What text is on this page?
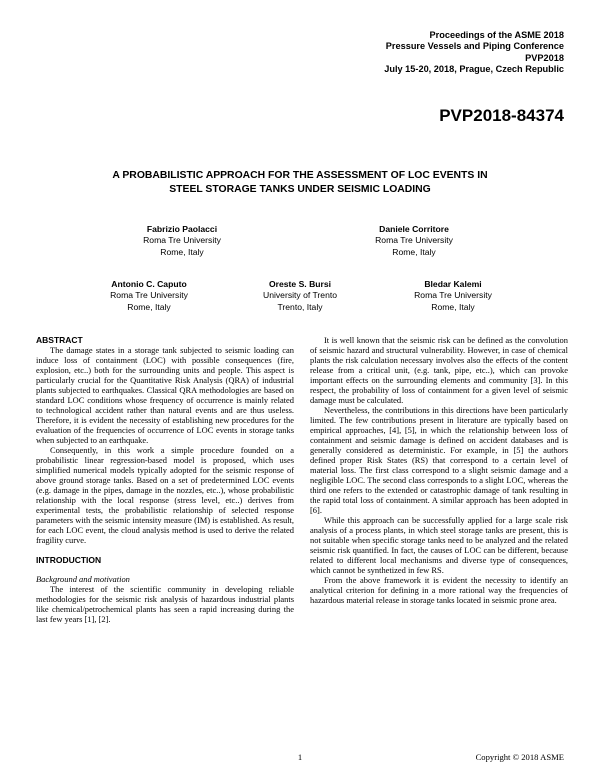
Proceedings of the ASME 2018
Pressure Vessels and Piping Conference
PVP2018
July 15-20, 2018, Prague, Czech Republic
PVP2018-84374
A PROBABILISTIC APPROACH FOR THE ASSESSMENT OF LOC EVENTS IN
STEEL STORAGE TANKS UNDER SEISMIC LOADING
Fabrizio Paolacci
Roma Tre University
Rome, Italy
Daniele Corritore
Roma Tre University
Rome, Italy
Antonio C. Caputo
Roma Tre University
Rome, Italy
Oreste S. Bursi
University of Trento
Trento, Italy
Bledar Kalemi
Roma Tre University
Rome, Italy
ABSTRACT

The damage states in a storage tank subjected to seismic loading can induce loss of containment (LOC) with possible consequences (fire, explosion, etc..) both for the surrounding units and people. This aspect is particularly crucial for the Quantitative Risk Analysis (QRA) of industrial plants subjected to earthquakes. Classical QRA methodologies are based on standard LOC conditions whose frequency of occurrence is mainly related to technological accident rather than natural events and are thus useless. Therefore, it is evident the necessity of establishing new procedures for the evaluation of the frequencies of occurrence of LOC events in storage tanks when subjected to an earthquake.

Consequently, in this work a simple procedure founded on a probabilistic linear regression-based model is proposed, which uses simplified numerical models typically adopted for the seismic response of above ground storage tanks. Based on a set of predetermined LOC events (e.g. damage in the pipes, damage in the nozzles, etc..), whose probabilistic relationship with the local response (stress level, etc..) derives from experimental tests, the probabilistic relationship of selected response parameters with the seismic intensity measure (IM) is established. As result, for each LOC event, the cloud analysis method is used to derive the related fragility curve.

INTRODUCTION
Background and motivation

The interest of the scientific community in developing reliable methodologies for the seismic risk analysis of hazardous industrial plants like chemical/petrochemical plants has seen a rapid increasing during the last few years [1], [2].

It is well known that the seismic risk can be defined as the convolution of seismic hazard and structural vulnerability. However, in case of chemical plants the risk calculation necessary involves also the effects of the content release from a critical unit, (e.g. tank, pipe, etc..), which can provoke important effects on the surrounding elements and community [3]. In this respect, the probability of loss of containment for a given level of seismic damage must be calculated.

Nevertheless, the contributions in this directions have been particularly limited. The few contributions present in literature are typically based on empirical approaches, [4], [5], in which the relationship between loss of containment and seismic damage is defined on accident databases and is generally considered as deterministic. For example, in [5] the authors defined proper Risk States (RS) that correspond to a certain level of material loss. The first class correspond to a slight seismic damage and a negligible LOC. The second class corresponds to a slight LOC, whereas the third one refers to the extended or catastrophic damage of tank resulting in the rapid total loss of containment. A similar approach has been adopted in [6].

While this approach can be successfully applied for a large scale risk analysis of a process plants, in which steel storage tanks are present, this is not suitable when specific storage tanks need to be analyzed and the related seismic risk quantified. In fact, the causes of LOC can be different, because related to different local mechanisms and diverse type of consequences, which cannot be synthetized in few RS.

From the above framework it is evident the necessity to identify an analytical criterion for defining in a more rational way the frequencies of hazardous material release in storage tanks located in seismic prone area.

1	Copyright © 2018 ASME
